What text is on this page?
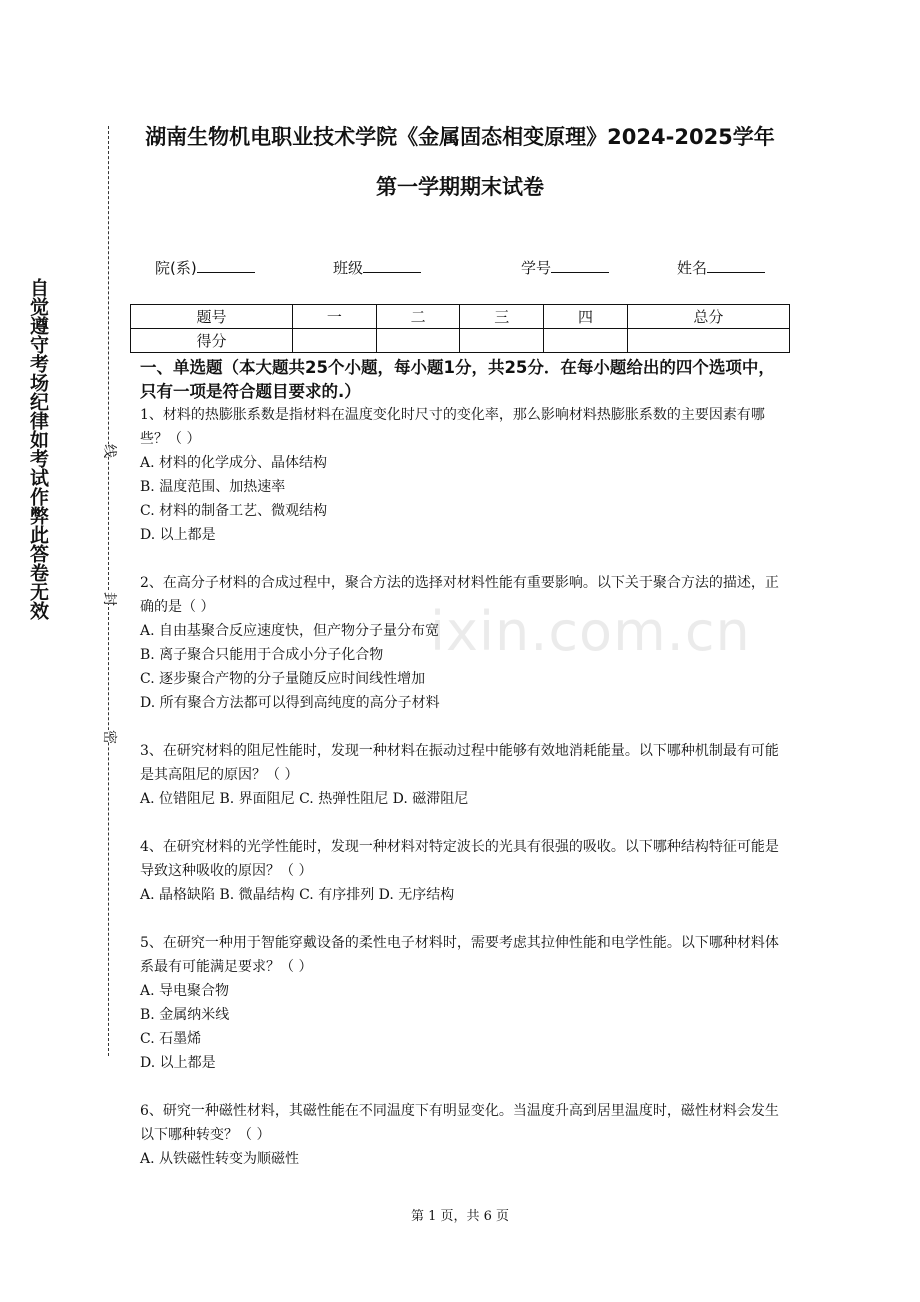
自觉遵守考场纪律如考试作弊此答卷无效	线
封
密
湖南生物机电职业技术学院《金属固态相变原理》2024-2025学年
第一学期期末试卷
院(系)	班级	学号	姓名
题号	一	二	三	四	总分
得分					
一、单选题（本大题共25个小题，每小题1分，共25分．在每小题给出的四个选项中，只有一项是符合题目要求的.）
ixin.com.cn
1、材料的热膨胀系数是指材料在温度变化时尺寸的变化率，那么影响材料热膨胀系数的主要因素有哪些？（ ）
A. 材料的化学成分、晶体结构
B. 温度范围、加热速率
C. 材料的制备工艺、微观结构
D. 以上都是
2、在高分子材料的合成过程中，聚合方法的选择对材料性能有重要影响。以下关于聚合方法的描述，正确的是（ ）
A. 自由基聚合反应速度快，但产物分子量分布宽
B. 离子聚合只能用于合成小分子化合物
C. 逐步聚合产物的分子量随反应时间线性增加
D. 所有聚合方法都可以得到高纯度的高分子材料
3、在研究材料的阻尼性能时，发现一种材料在振动过程中能够有效地消耗能量。以下哪种机制最有可能是其高阻尼的原因？（ ）
A. 位错阻尼 B. 界面阻尼 C. 热弹性阻尼 D. 磁滞阻尼
4、在研究材料的光学性能时，发现一种材料对特定波长的光具有很强的吸收。以下哪种结构特征可能是导致这种吸收的原因？（ ）
A. 晶格缺陷 B. 微晶结构 C. 有序排列 D. 无序结构
5、在研究一种用于智能穿戴设备的柔性电子材料时，需要考虑其拉伸性能和电学性能。以下哪种材料体系最有可能满足要求？（ ）
A. 导电聚合物
B. 金属纳米线
C. 石墨烯
D. 以上都是
6、研究一种磁性材料，其磁性能在不同温度下有明显变化。当温度升高到居里温度时，磁性材料会发生以下哪种转变？（ ）
A. 从铁磁性转变为顺磁性
第 1 页，共 6 页
